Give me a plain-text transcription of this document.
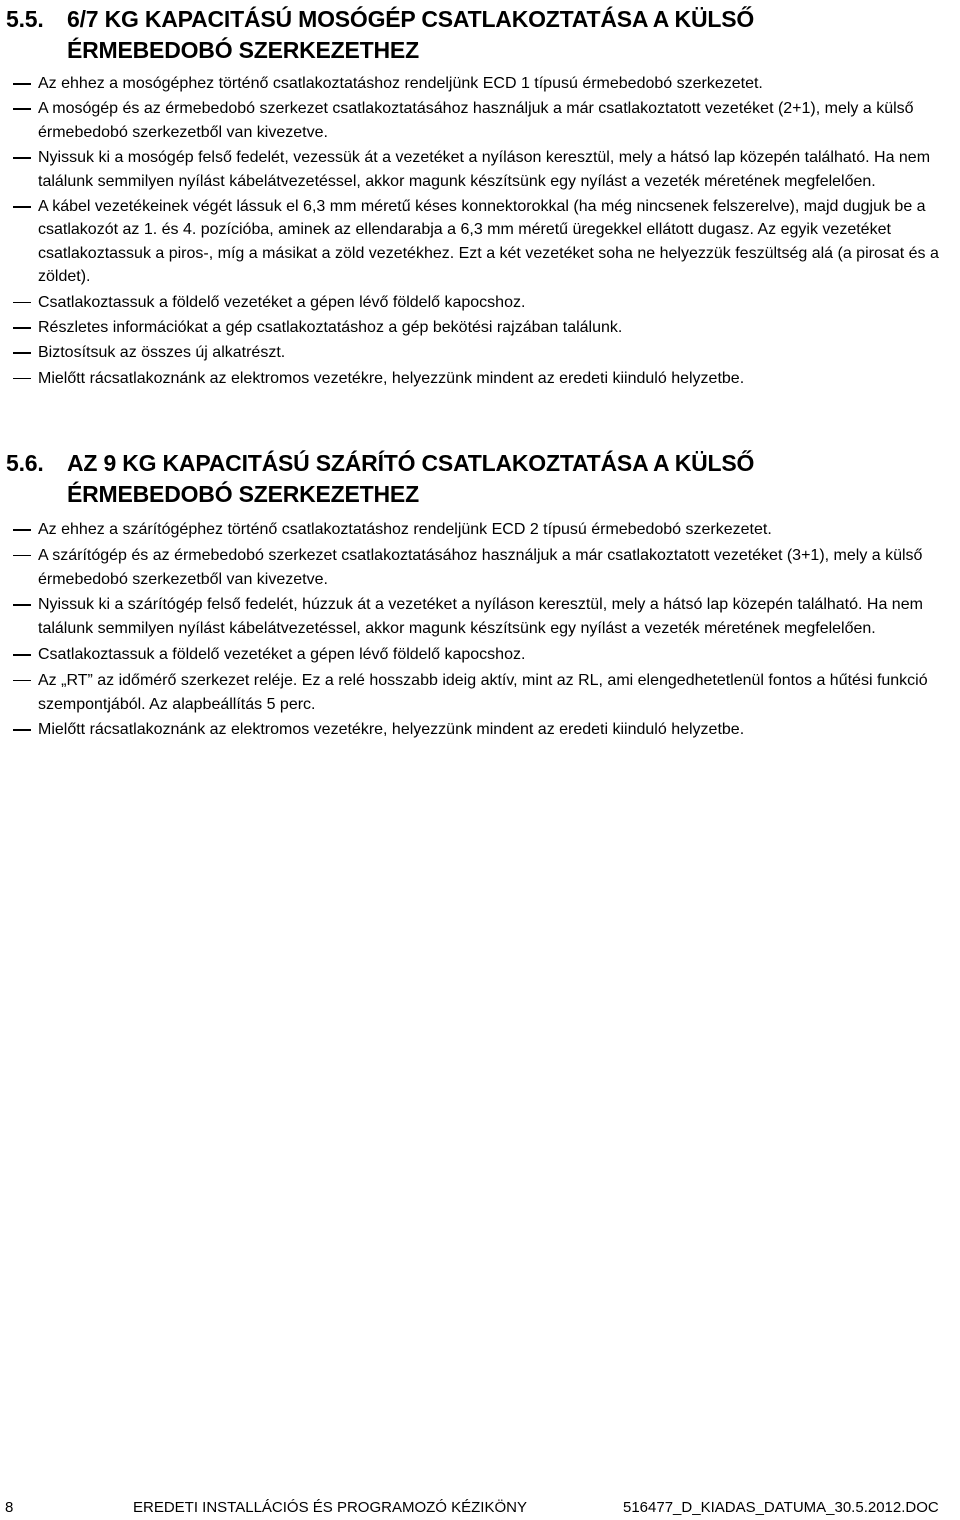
5.5. 6/7 KG KAPACITÁSÚ MOSÓGÉP CSATLAKOZTATÁSA A KÜLSŐ
ÉRMEBEDOBÓ SZERKEZETHEZ
Az ehhez a mosógéphez történő csatlakoztatáshoz rendeljünk ECD 1 típusú érmebedobó szerkezetet.
A mosógép és az érmebedobó szerkezet csatlakoztatásához használjuk a már csatlakoztatott vezetéket (2+1), mely a külső érmebedobó szerkezetből van kivezetve.
Nyissuk ki a mosógép felső fedelét, vezessük át a vezetéket a nyíláson keresztül, mely a hátsó lap közepén található. Ha nem találunk semmilyen nyílást kábelátvezetéssel, akkor magunk készítsünk egy nyílást a vezeték méretének megfelelően.
A kábel vezetékeinek végét lássuk el 6,3 mm méretű késes konnektorokkal (ha még nincsenek felszerelve), majd dugjuk be a csatlakozót az 1. és 4. pozícióba, aminek az ellendarabja a 6,3 mm méretű üregekkel ellátott dugasz. Az egyik vezetéket csatlakoztassuk a piros-, míg a másikat a zöld vezetékhez. Ezt a két vezetéket soha ne helyezzük feszültség alá (a pirosat és a zöldet).
Csatlakoztassuk a földelő vezetéket a gépen lévő földelő kapocshoz.
Részletes információkat a gép csatlakoztatáshoz a gép bekötési rajzában találunk.
Biztosítsuk az összes új alkatrészt.
Mielőtt rácsatlakoznánk az elektromos vezetékre, helyezzünk mindent az eredeti kiinduló helyzetbe.
5.6. AZ 9 KG KAPACITÁSÚ SZÁRÍTÓ CSATLAKOZTATÁSA A KÜLSŐ
ÉRMEBEDOBÓ SZERKEZETHEZ
Az ehhez a szárítógéphez történő csatlakoztatáshoz rendeljünk ECD 2 típusú érmebedobó szerkezetet.
A szárítógép és az érmebedobó szerkezet csatlakoztatásához használjuk a már csatlakoztatott vezetéket (3+1), mely a külső érmebedobó szerkezetből van kivezetve.
Nyissuk ki a szárítógép felső fedelét, húzzuk át a vezetéket a nyíláson keresztül, mely a hátsó lap közepén található. Ha nem találunk semmilyen nyílást kábelátvezetéssel, akkor magunk készítsünk egy nyílást a vezeték méretének megfelelően.
Csatlakoztassuk a földelő vezetéket a gépen lévő földelő kapocshoz.
Az „RT” az időmérő szerkezet reléje. Ez a relé hosszabb ideig aktív, mint az RL, ami elengedhetetlenül fontos a hűtési funkció szempontjából. Az alapbeállítás 5 perc.
Mielőtt rácsatlakoznánk az elektromos vezetékre, helyezzünk mindent az eredeti kiinduló helyzetbe.
8	EREDETI INSTALLÁCIÓS ÉS PROGRAMOZÓ KÉZIKÖNY	516477_D_KIADAS_DATUMA_30.5.2012.DOC
